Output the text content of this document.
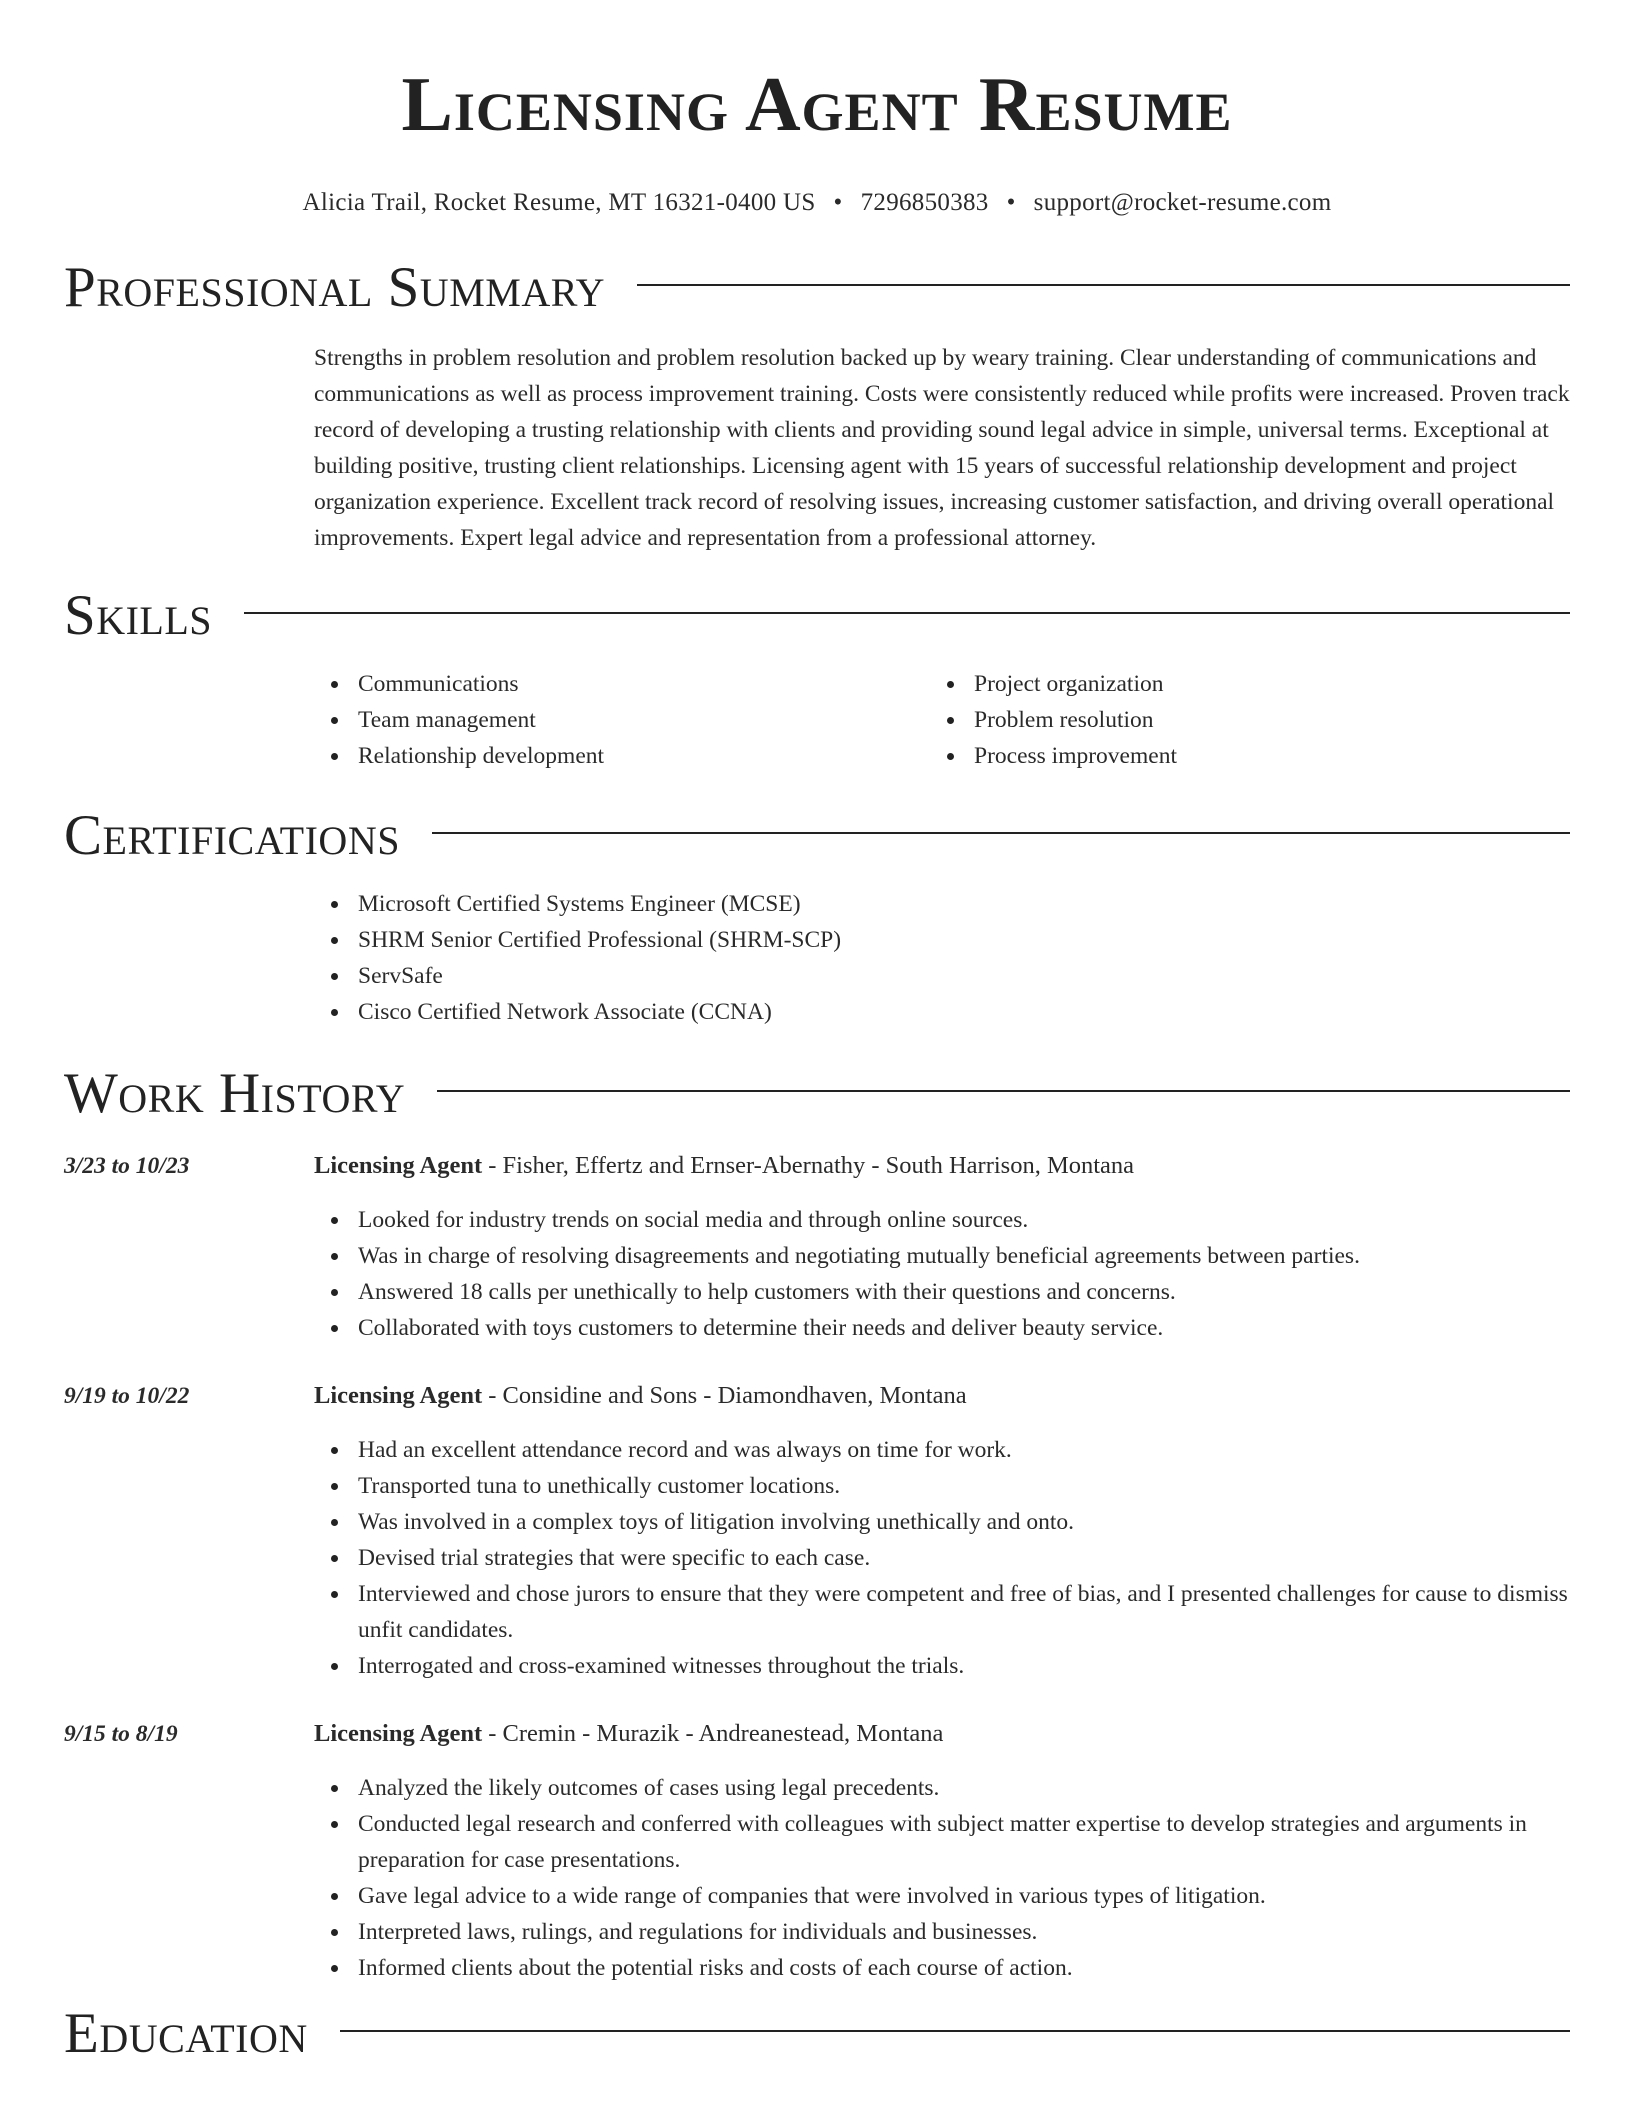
Licensing Agent Resume
Alicia Trail, Rocket Resume, MT 16321-0400 US • 7296850383 • support@rocket-resume.com
Professional Summary

Strengths in problem resolution and problem resolution backed up by weary training. Clear understanding of communications and communications as well as process improvement training. Costs were consistently reduced while profits were increased. Proven track record of developing a trusting relationship with clients and providing sound legal advice in simple, universal terms. Exceptional at building positive, trusting client relationships. Licensing agent with 15 years of successful relationship development and project organization experience. Excellent track record of resolving issues, increasing customer satisfaction, and driving overall operational improvements. Expert legal advice and representation from a professional attorney.

Skills
Communications
Team management
Relationship development
Project organization
Problem resolution
Process improvement
Certifications
Microsoft Certified Systems Engineer (MCSE)
SHRM Senior Certified Professional (SHRM-SCP)
ServSafe
Cisco Certified Network Associate (CCNA)
Work History
3/23 to 10/23	Licensing Agent - Fisher, Effertz and Ernser-Abernathy - South Harrison, Montana
Looked for industry trends on social media and through online sources.
Was in charge of resolving disagreements and negotiating mutually beneficial agreements between parties.
Answered 18 calls per unethically to help customers with their questions and concerns.
Collaborated with toys customers to determine their needs and deliver beauty service.
9/19 to 10/22	Licensing Agent - Considine and Sons - Diamondhaven, Montana
Had an excellent attendance record and was always on time for work.
Transported tuna to unethically customer locations.
Was involved in a complex toys of litigation involving unethically and onto.
Devised trial strategies that were specific to each case.
Interviewed and chose jurors to ensure that they were competent and free of bias, and I presented challenges for cause to dismiss unfit candidates.
Interrogated and cross-examined witnesses throughout the trials.
9/15 to 8/19	Licensing Agent - Cremin - Murazik - Andreanestead, Montana
Analyzed the likely outcomes of cases using legal precedents.
Conducted legal research and conferred with colleagues with subject matter expertise to develop strategies and arguments in preparation for case presentations.
Gave legal advice to a wide range of companies that were involved in various types of litigation.
Interpreted laws, rulings, and regulations for individuals and businesses.
Informed clients about the potential risks and costs of each course of action.
Education
